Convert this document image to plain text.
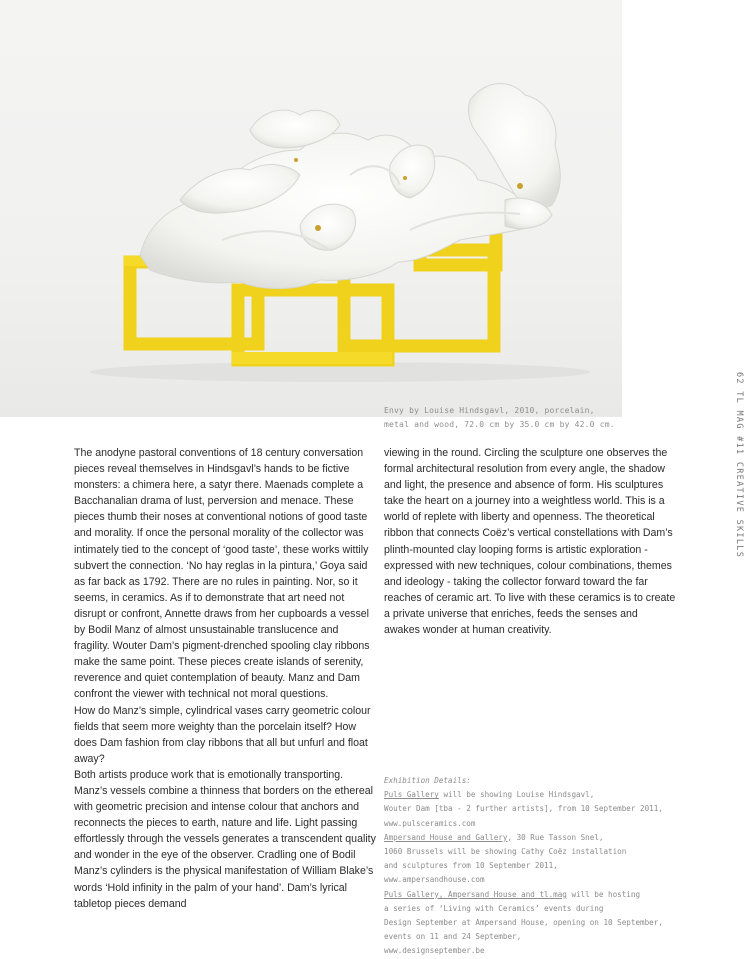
Envy by Louise Hindsgavl, 2010, porcelain,
metal and wood, 72.0 cm by 35.0 cm by 42.0 cm.	62 TL MAG #11 CREATIVE SKILLS

The anodyne pastoral conventions of 18 century conversation pieces reveal themselves in Hindsgavl’s hands to be fictive monsters: a chimera here, a satyr there. Maenads complete a Bacchanalian drama of lust, perversion and menace. These pieces thumb their noses at conventional notions of good taste and morality. If once the personal morality of the collector was intimately tied to the concept of ‘good taste’, these works wittily subvert the connection. ‘No hay reglas in la pintura,’ Goya said as far back as 1792. There are no rules in painting. Nor, so it seems, in ceramics. As if to demonstrate that art need not disrupt or confront, Annette draws from her cupboards a vessel by Bodil Manz of almost unsustainable translucence and fragility. Wouter Dam’s pigment-drenched spooling clay ribbons make the same point. These pieces create islands of serenity, reverence and quiet contemplation of beauty. Manz and Dam confront the viewer with technical not moral questions.

How do Manz’s simple, cylindrical vases carry geometric colour fields that seem more weighty than the porcelain itself? How does Dam fashion from clay ribbons that all but unfurl and float away?

Both artists produce work that is emotionally transporting. Manz’s vessels combine a thinness that borders on the ethereal with geometric precision and intense colour that anchors and reconnects the pieces to earth, nature and life. Light passing effortlessly through the vessels generates a transcendent quality and wonder in the eye of the observer. Cradling one of Bodil Manz’s cylinders is the physical manifestation of William Blake’s words ‘Hold infinity in the palm of your hand’. Dam’s lyrical tabletop pieces demand

viewing in the round. Circling the sculpture one observes the formal architectural resolution from every angle, the shadow and light, the presence and absence of form. His sculptures take the heart on a journey into a weightless world. This is a world of replete with liberty and openness. The theoretical ribbon that connects Coëz’s vertical constellations with Dam’s plinth-mounted clay looping forms is artistic exploration - expressed with new techniques, colour combinations, themes and ideology - taking the collector forward toward the far reaches of ceramic art. To live with these ceramics is to create a private universe that enriches, feeds the senses and awakes wonder at human creativity.

Exhibition Details:
Puls Gallery will be showing Louise Hindsgavl,
Wouter Dam [tba - 2 further artists], from 10 September 2011,
www.pulsceramics.com
Ampersand House and Gallery, 30 Rue Tasson Snel,
1060 Brussels will be showing Cathy Coëz installation
and sculptures from 10 September 2011,
www.ampersandhouse.com
Puls Gallery, Ampersand House and tl.mag will be hosting
a series of ‘Living with Ceramics’ events during
Design September at Ampersand House, opening on 10 September,
events on 11 and 24 September,
www.designseptember.be
